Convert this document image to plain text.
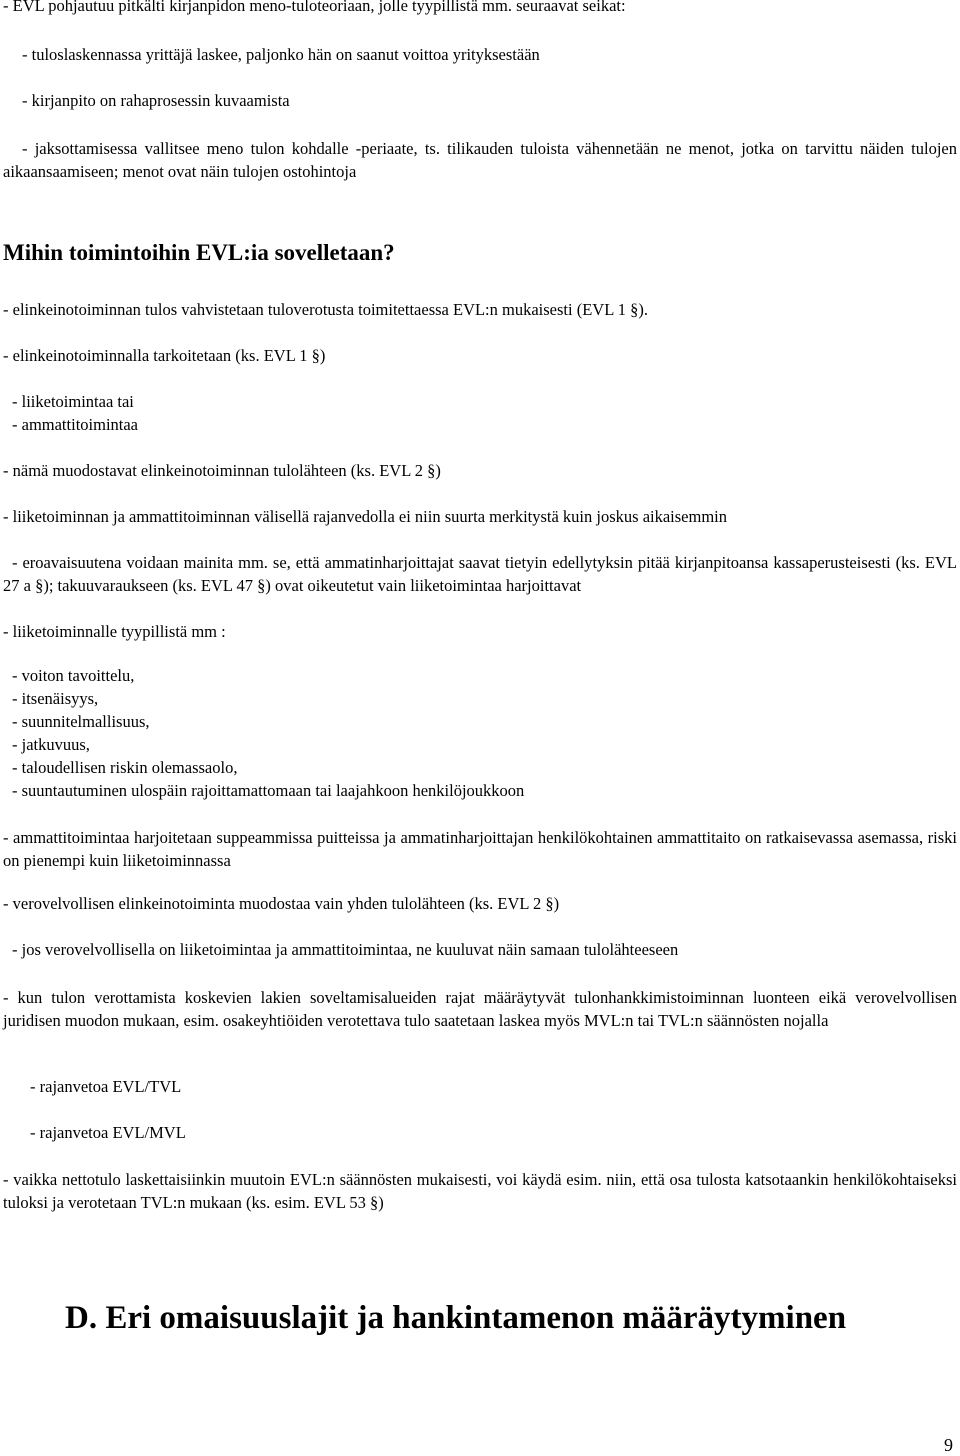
- EVL pohjautuu pitkälti kirjanpidon meno-tuloteoriaan, jolle tyypillistä mm. seuraavat seikat:
- tuloslaskennassa yrittäjä laskee, paljonko hän on saanut voittoa yrityksestään
- kirjanpito on rahaprosessin kuvaamista
- jaksottamisessa vallitsee meno tulon kohdalle -periaate, ts. tilikauden tuloista vähennetään ne menot, jotka on tarvittu näiden tulojen aikaansaamiseen; menot ovat näin tulojen ostohintoja
Mihin toimintoihin EVL:ia sovelletaan?
- elinkeinotoiminnan tulos vahvistetaan tuloverotusta toimitettaessa EVL:n mukaisesti (EVL 1 §).
- elinkeinotoiminnalla tarkoitetaan (ks. EVL 1 §)
- liiketoimintaa tai
- ammattitoimintaa
- nämä muodostavat elinkeinotoiminnan tulolähteen (ks. EVL 2 §)
- liiketoiminnan ja ammattitoiminnan välisellä rajanvedolla ei niin suurta merkitystä kuin joskus aikaisemmin
- eroavaisuutena voidaan mainita mm. se, että ammatinharjoittajat saavat tietyin edellytyksin pitää kirjanpitoansa kassaperusteisesti (ks. EVL 27 a §); takuuvaraukseen (ks. EVL 47 §) ovat oikeutetut vain liiketoimintaa harjoittavat
- liiketoiminnalle tyypillistä mm :
- voiton tavoittelu,
- itsenäisyys,
- suunnitelmallisuus,
- jatkuvuus,
- taloudellisen riskin olemassaolo,
- suuntautuminen ulospäin rajoittamattomaan tai laajahkoon henkilöjoukkoon
- ammattitoimintaa harjoitetaan suppeammissa puitteissa ja ammatinharjoittajan henkilökohtainen ammattitaito on ratkaisevassa asemassa, riski on pienempi kuin liiketoiminnassa
- verovelvollisen elinkeinotoiminta muodostaa vain yhden tulolähteen (ks. EVL 2 §)
- jos verovelvollisella on liiketoimintaa ja ammattitoimintaa, ne kuuluvat näin samaan tulolähteeseen
- kun tulon verottamista koskevien lakien soveltamisalueiden rajat määräytyvät tulonhankkimistoiminnan luonteen eikä verovelvollisen juridisen muodon mukaan, esim. osakeyhtiöiden verotettava tulo saatetaan laskea myös MVL:n tai TVL:n säännösten nojalla
- rajanvetoa EVL/TVL
- rajanvetoa EVL/MVL
- vaikka nettotulo laskettaisiinkin muutoin EVL:n säännösten mukaisesti, voi käydä esim. niin, että osa tulosta katsotaankin henkilökohtaiseksi tuloksi ja verotetaan TVL:n mukaan (ks. esim. EVL 53 §)
D. Eri omaisuuslajit ja hankintamenon määräytyminen
9
